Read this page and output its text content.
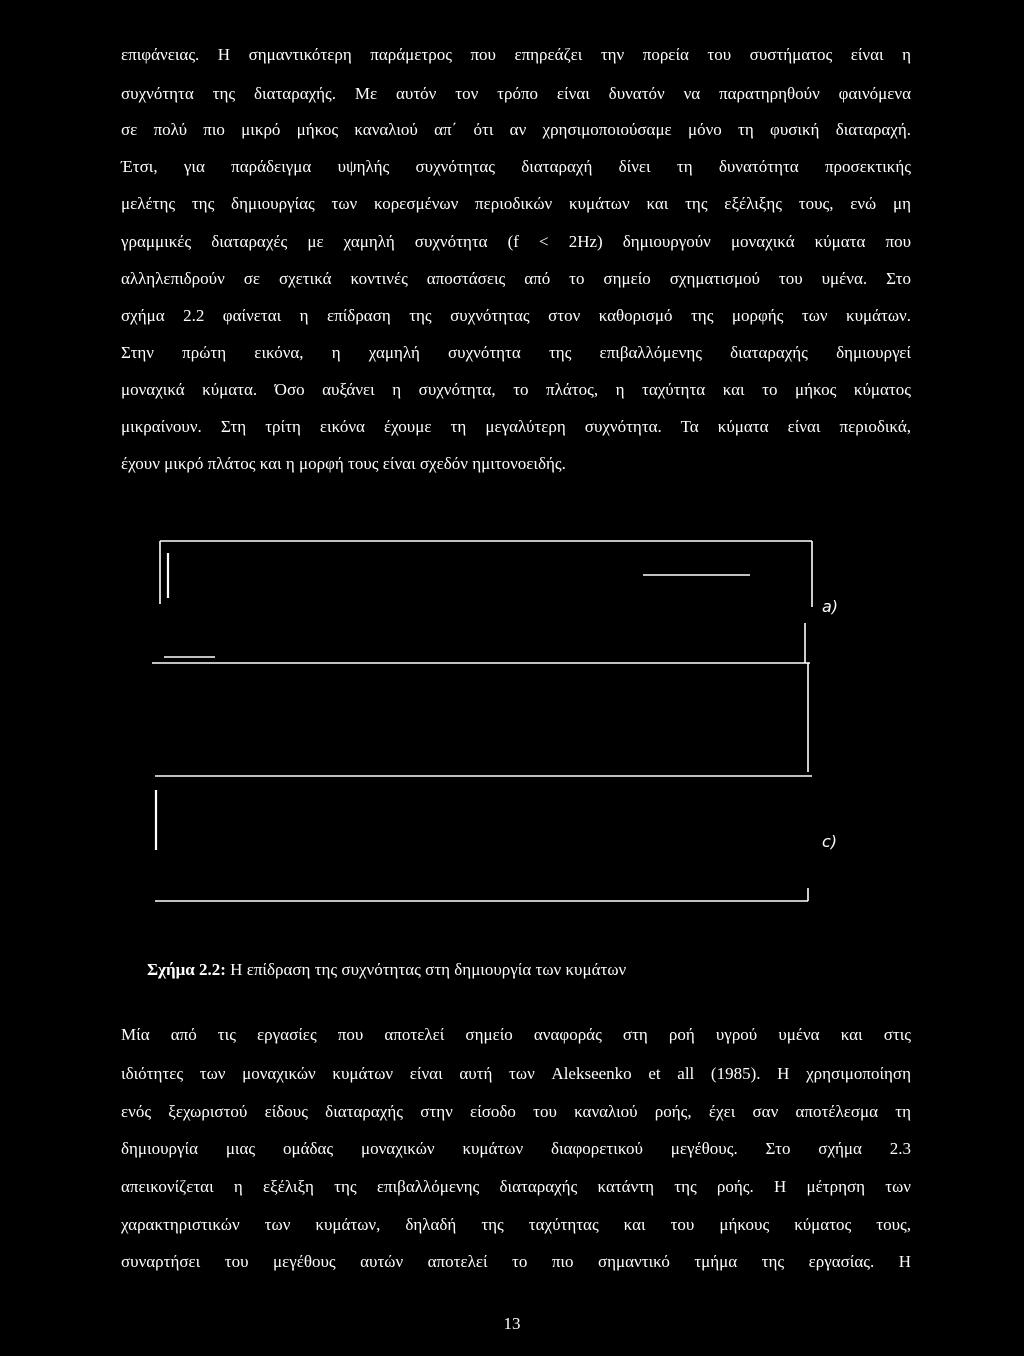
επιφάνειας. Η σημαντικότερη παράμετρος που επηρεάζει την πορεία του συστήματος είναι η
συχνότητα της διαταραχής. Με αυτόν τον τρόπο είναι δυνατόν να παρατηρηθούν φαινόμενα
σε πολύ πιο μικρό μήκος καναλιού απ΄ ότι αν χρησιμοποιούσαμε μόνο τη φυσική διαταραχή.
Έτσι, για παράδειγμα υψηλής συχνότητας διαταραχή δίνει τη δυνατότητα προσεκτικής
μελέτης της δημιουργίας των κορεσμένων περιοδικών κυμάτων και της εξέλιξης τους, ενώ μη
γραμμικές διαταραχές με χαμηλή συχνότητα (f < 2Hz) δημιουργούν μοναχικά κύματα που
αλληλεπιδρούν σε σχετικά κοντινές αποστάσεις από το σημείο σχηματισμού του υμένα. Στο
σχήμα 2.2 φαίνεται η επίδραση της συχνότητας στον καθορισμό της μορφής των κυμάτων.
Στην πρώτη εικόνα, η χαμηλή συχνότητα της επιβαλλόμενης διαταραχής δημιουργεί
μοναχικά κύματα. Όσο αυξάνει η συχνότητα, το πλάτος, η ταχύτητα και το μήκος κύματος
μικραίνουν. Στη τρίτη εικόνα έχουμε τη μεγαλύτερη συχνότητα. Τα κύματα είναι περιοδικά,
έχουν μικρό πλάτος και η μορφή τους είναι σχεδόν ημιτονοειδής.
a)
c)
Σχήμα 2.2: Η επίδραση της συχνότητας στη δημιουργία των κυμάτων
Μία από τις εργασίες που αποτελεί σημείο αναφοράς στη ροή υγρού υμένα και στις
ιδιότητες των μοναχικών κυμάτων είναι αυτή των Alekseenko et all (1985). Η χρησιμοποίηση
ενός ξεχωριστού είδους διαταραχής στην είσοδο του καναλιού ροής, έχει σαν αποτέλεσμα τη
δημιουργία μιας ομάδας μοναχικών κυμάτων διαφορετικού μεγέθους. Στο σχήμα 2.3
απεικονίζεται η εξέλιξη της επιβαλλόμενης διαταραχής κατάντη της ροής. Η μέτρηση των
χαρακτηριστικών των κυμάτων, δηλαδή της ταχύτητας και του μήκους κύματος τους,
συναρτήσει του μεγέθους αυτών αποτελεί το πιο σημαντικό τμήμα της εργασίας. Η
13
